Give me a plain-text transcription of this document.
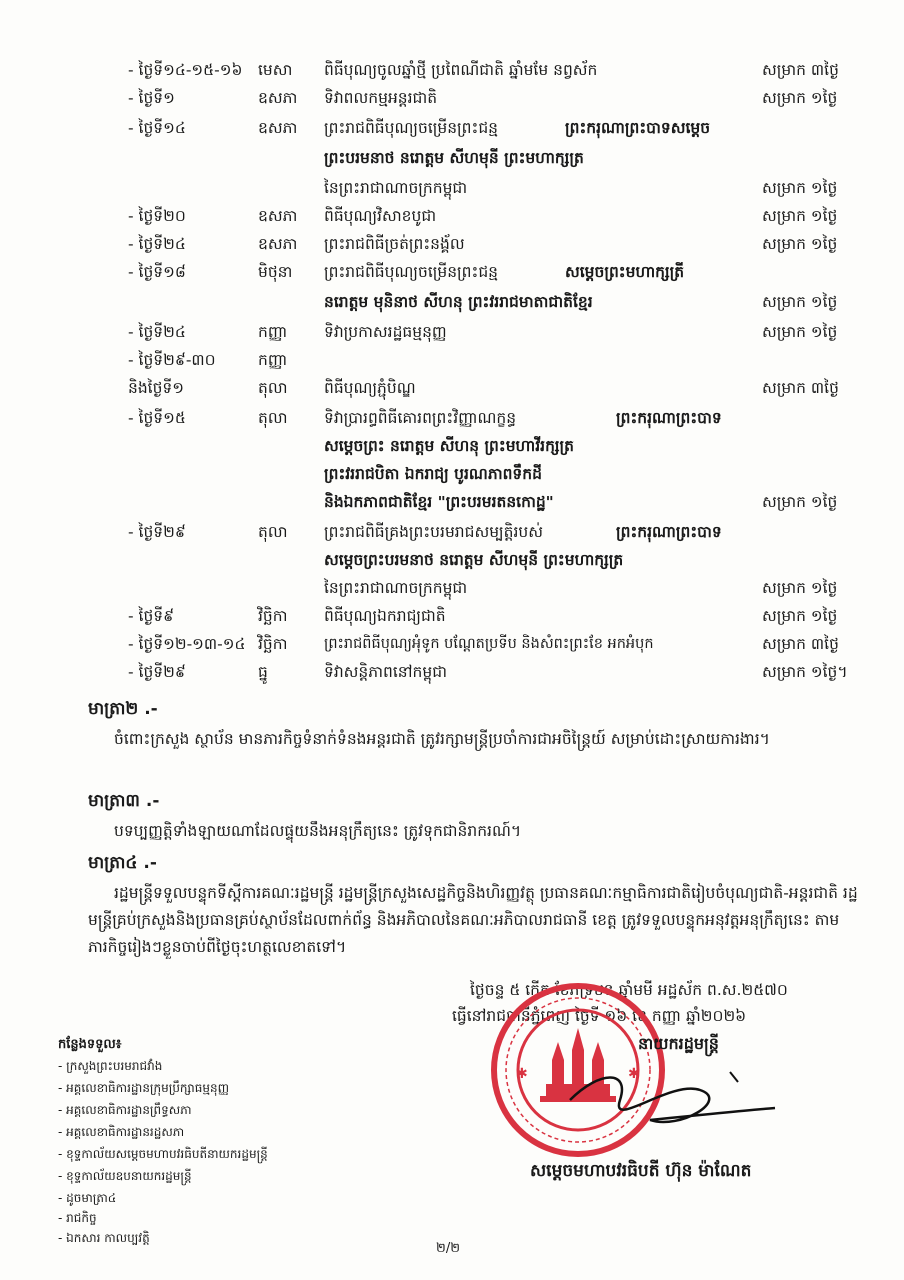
- ថ្ងៃទី១៤-១៥-១៦ មេសា ពិធីបុណ្យចូលឆ្នាំថ្មី ប្រពៃណីជាតិ ឆ្នាំមមែ នព្វស័ក	សម្រាក ៣ថ្ងៃ
- ថ្ងៃទី១	ឧសភា ទិវាពលកម្មអន្តរជាតិ	សម្រាក ១ថ្ងៃ
- ថ្ងៃទី១៤	ឧសភា ព្រះរាជពិធីបុណ្យចម្រើនព្រះជន្ម	ព្រះករុណាព្រះបាទសម្តេច
ព្រះបរមនាថ នរោត្តម សីហមុនី ព្រះមហាក្សត្រ
នៃព្រះរាជាណាចក្រកម្ពុជា	សម្រាក ១ថ្ងៃ
- ថ្ងៃទី២០	ឧសភា ពិធីបុណ្យវិសាខបូជា	សម្រាក ១ថ្ងៃ
- ថ្ងៃទី២៤	ឧសភា ព្រះរាជពិធីច្រត់ព្រះនង្គ័ល	សម្រាក ១ថ្ងៃ
- ថ្ងៃទី១៨	មិថុនា ព្រះរាជពិធីបុណ្យចម្រើនព្រះជន្ម	សម្តេចព្រះមហាក្សត្រី
នរោត្តម មុនិនាថ សីហនុ ព្រះវររាជមាតាជាតិខ្មែរ	សម្រាក ១ថ្ងៃ
- ថ្ងៃទី២៤	កញ្ញា ទិវាប្រកាសរដ្ឋធម្មនុញ្ញ	សម្រាក ១ថ្ងៃ
- ថ្ងៃទី២៩-៣០	កញ្ញា
និងថ្ងៃទី១	តុលា ពិធីបុណ្យភ្ជុំបិណ្ឌ	សម្រាក ៣ថ្ងៃ
- ថ្ងៃទី១៥	តុលា ទិវាប្រារព្ធពិធីគោរពព្រះវិញ្ញាណក្ខន្ធ	ព្រះករុណាព្រះបាទ
សម្តេចព្រះ នរោត្តម សីហនុ ព្រះមហាវីរក្សត្រ
ព្រះវររាជបិតា ឯករាជ្យ បូរណភាពទឹកដី
និងឯកភាពជាតិខ្មែរ "ព្រះបរមរតនកោដ្ឋ"	សម្រាក ១ថ្ងៃ
- ថ្ងៃទី២៩	តុលា ព្រះរាជពិធីគ្រងព្រះបរមរាជសម្បត្តិរបស់	ព្រះករុណាព្រះបាទ
សម្តេចព្រះបរមនាថ នរោត្តម សីហមុនី ព្រះមហាក្សត្រ
នៃព្រះរាជាណាចក្រកម្ពុជា	សម្រាក ១ថ្ងៃ
- ថ្ងៃទី៩	វិច្ឆិកា ពិធីបុណ្យឯករាជ្យជាតិ	សម្រាក ១ថ្ងៃ
- ថ្ងៃទី១២-១៣-១៤ វិច្ឆិកា	ព្រះរាជពិធីបុណ្យអុំទូក បណ្តែតប្រទីប និងសំពះព្រះខែ អកអំបុក	សម្រាក ៣ថ្ងៃ
- ថ្ងៃទី២៩	ធ្នូ	ទិវាសន្តិភាពនៅកម្ពុជា	សម្រាក ១ថ្ងៃ។
មាត្រា២ .-
ចំពោះក្រសួង ស្ថាប័ន មានភារកិច្ចទំនាក់ទំនងអន្តរជាតិ ត្រូវរក្សាមន្ត្រីប្រចាំការជាអចិន្ត្រៃយ៍ សម្រាប់ដោះស្រាយការងារ។
មាត្រា៣ .-
បទប្បញ្ញត្តិទាំងឡាយណាដែលផ្ទុយនឹងអនុក្រឹត្យនេះ ត្រូវទុកជានិរាករណ៍។
មាត្រា៤ .-
រដ្ឋមន្ត្រីទទួលបន្ទុកទីស្តីការគណៈរដ្ឋមន្ត្រី រដ្ឋមន្ត្រីក្រសួងសេដ្ឋកិច្ចនិងហិរញ្ញវត្ថុ ប្រធានគណៈកម្មាធិការជាតិរៀបចំបុណ្យជាតិ-អន្តរជាតិ រដ្ឋមន្ត្រីគ្រប់ក្រសួងនិងប្រធានគ្រប់ស្ថាប័នដែលពាក់ព័ន្ធ និងអភិបាលនៃគណៈអភិបាលរាជធានី ខេត្ត ត្រូវទទួលបន្ទុកអនុវត្តអនុក្រឹត្យនេះ តាមភារកិច្ចរៀងៗខ្លួនចាប់ពីថ្ងៃចុះហត្ថលេខាតទៅ។
ថ្ងៃចន្ទ ៥ កើត ខែភទ្របទ ឆ្នាំមមី អដ្ឋស័ក ព.ស.២៥៧០
ធ្វើនៅរាជធានីភ្នំពេញ ថ្ងៃទី ១៦ ខែ កញ្ញា ឆ្នាំ២០២៦
✱	✱
នាយករដ្ឋមន្ត្រី
សម្តេចមហាបវរធិបតី ហ៊ុន ម៉ាណែត
កន្លែងទទួល៖
- ក្រសួងព្រះបរមរាជវាំង
- អគ្គលេខាធិការដ្ឋានក្រុមប្រឹក្សាធម្មនុញ្ញ
- អគ្គលេខាធិការដ្ឋានព្រឹទ្ធសភា
- អគ្គលេខាធិការដ្ឋានរដ្ឋសភា
- ខុទ្ទកាល័យសម្តេចមហាបវរធិបតីនាយករដ្ឋមន្ត្រី
- ខុទ្ទកាល័យឧបនាយករដ្ឋមន្ត្រី
- ដូចមាត្រា៤
- រាជកិច្ច
- ឯកសារ កាលប្បវត្តិ
២/២
